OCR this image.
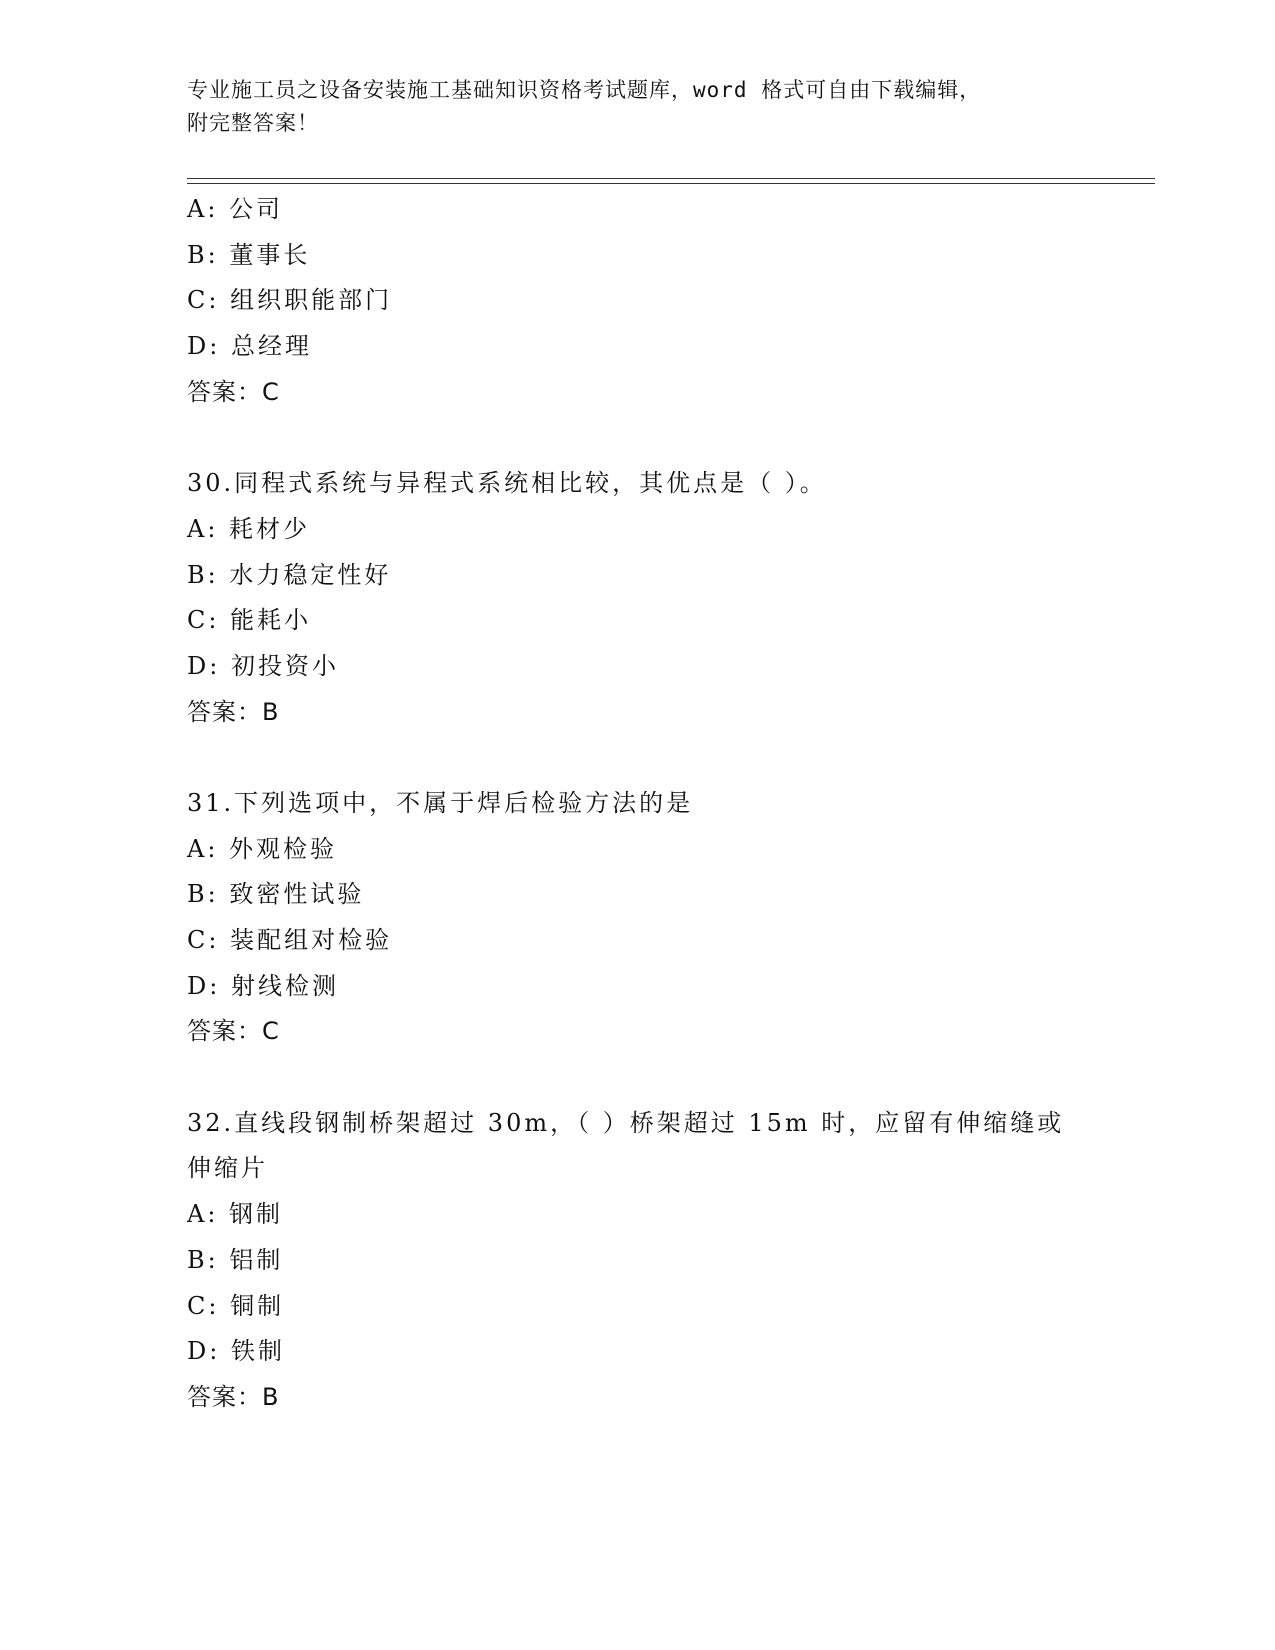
专业施工员之设备安装施工基础知识资格考试题库，word 格式可自由下载编辑，
附完整答案！
A: 公司
B: 董事长
C: 组织职能部门
D: 总经理
答案：C
30.同程式系统与异程式系统相比较，其优点是（ ）。
A: 耗材少
B: 水力稳定性好
C: 能耗小
D: 初投资小
答案：B
31.下列选项中，不属于焊后检验方法的是
A: 外观检验
B: 致密性试验
C: 装配组对检验
D: 射线检测
答案：C
32.直线段钢制桥架超过 30m，（ ）桥架超过 15m 时，应留有伸缩缝或
伸缩片
A: 钢制
B: 铝制
C: 铜制
D: 铁制
答案：B
